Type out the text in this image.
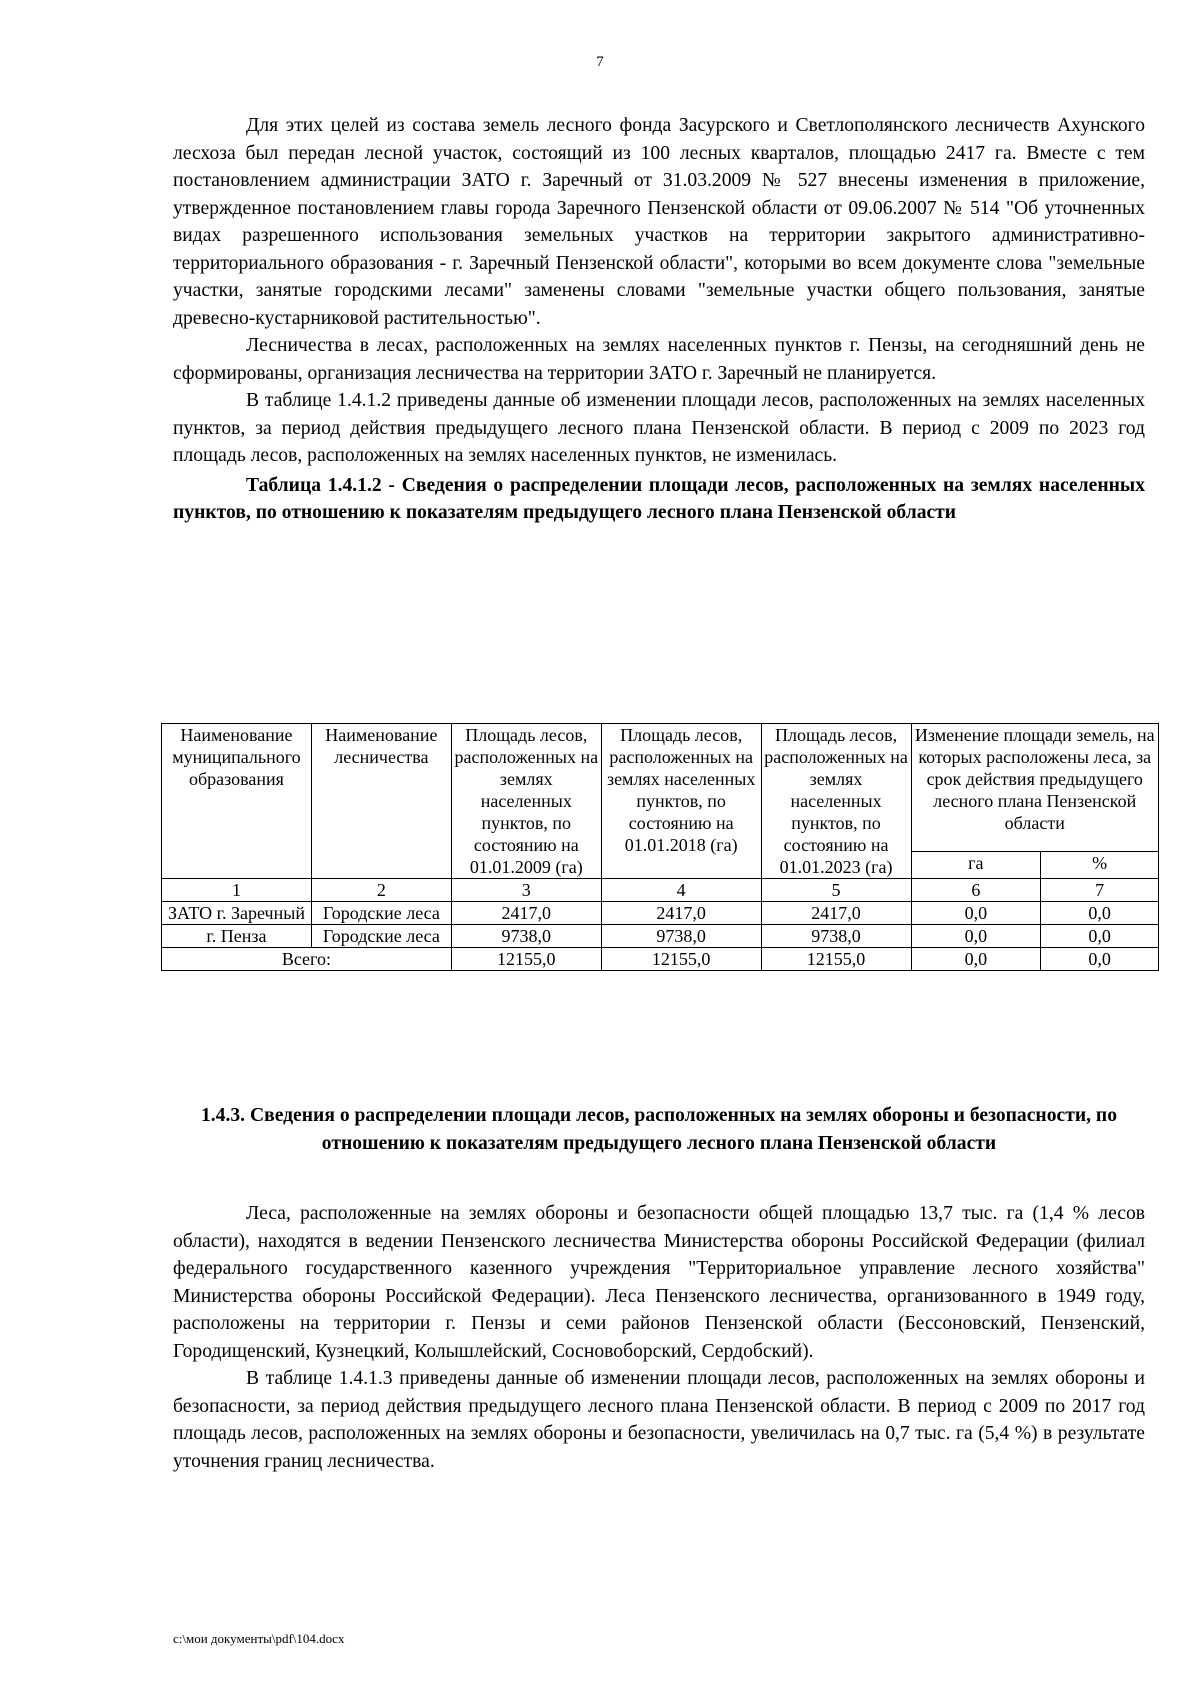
7

Для этих целей из состава земель лесного фонда Засурского и Светлополянского лесничеств Ахунского лесхоза был передан лесной участок, состоящий из 100 лесных кварталов, площадью 2417 га. Вместе с тем постановлением администрации ЗАТО г. Заречный от 31.03.2009 № 527 внесены изменения в приложение, утвержденное постановлением главы города Заречного Пензенской области от 09.06.2007 № 514 "Об уточненных видах разрешенного использования земельных участков на территории закрытого административно-территориального образования - г. Заречный Пензенской области", которыми во всем документе слова "земельные участки, занятые городскими лесами" заменены словами "земельные участки общего пользования, занятые древесно-кустарниковой растительностью".

Лесничества в лесах, расположенных на землях населенных пунктов г. Пензы, на сегодняшний день не сформированы, организация лесничества на территории ЗАТО г. Заречный не планируется.

В таблице 1.4.1.2 приведены данные об изменении площади лесов, расположенных на землях населенных пунктов, за период действия предыдущего лесного плана Пензенской области. В период с 2009 по 2023 год площадь лесов, расположенных на землях населенных пунктов, не изменилась.

Таблица 1.4.1.2 - Сведения о распределении площади лесов, расположенных на землях населенных пунктов, по отношению к показателям предыдущего лесного плана Пензенской области

Наименование муниципального образования	Наименование лесничества	Площадь лесов, расположенных на землях населенных пунктов, по состоянию на 01.01.2009 (га)	Площадь лесов, расположенных на землях населенных пунктов, по состоянию на 01.01.2018 (га)	Площадь лесов, расположенных на землях населенных пунктов, по состоянию на 01.01.2023 (га)	Изменение площади земель, на которых расположены леса, за срок действия предыдущего лесного плана Пензенской области	
					га	%
1	2	3	4	5	6	7
ЗАТО г. Заречный	Городские леса	2417,0	2417,0	2417,0	0,0	0,0
г. Пенза	Городские леса	9738,0	9738,0	9738,0	0,0	0,0
Всего:		12155,0	12155,0	12155,0	0,0	0,0
1.4.3. Сведения о распределении площади лесов, расположенных на землях обороны и безопасности, по отношению к показателям предыдущего лесного плана Пензенской области

Леса, расположенные на землях обороны и безопасности общей площадью 13,7 тыс. га (1,4 % лесов области), находятся в ведении Пензенского лесничества Министерства обороны Российской Федерации (филиал федерального государственного казенного учреждения "Территориальное управление лесного хозяйства" Министерства обороны Российской Федерации). Леса Пензенского лесничества, организованного в 1949 году, расположены на территории г. Пензы и семи районов Пензенской области (Бессоновский, Пензенский, Городищенский, Кузнецкий, Колышлейский, Сосновоборский, Сердобский).

В таблице 1.4.1.3 приведены данные об изменении площади лесов, расположенных на землях обороны и безопасности, за период действия предыдущего лесного плана Пензенской области. В период с 2009 по 2017 год площадь лесов, расположенных на землях обороны и безопасности, увеличилась на 0,7 тыс. га (5,4 %) в результате уточнения границ лесничества.

c:\мои документы\pdf\104.docx
